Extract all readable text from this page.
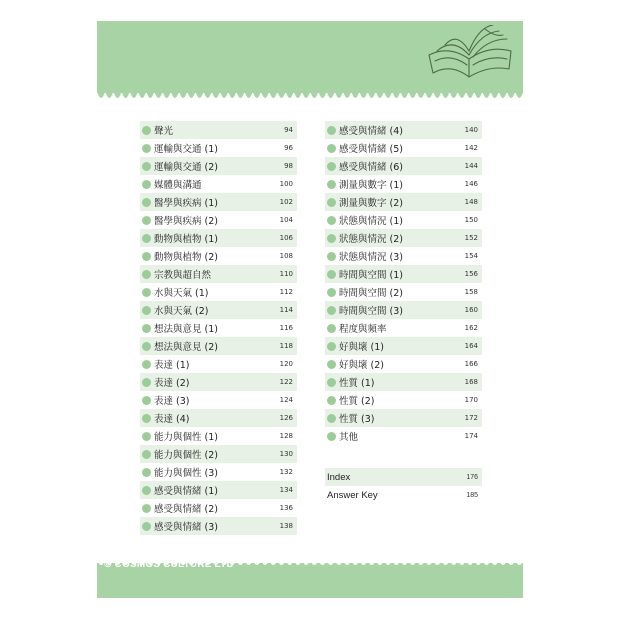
聲光	94
運輸與交通 (1)	96
運輸與交通 (2)	98
媒體與溝通	100
醫學與疾病 (1)	102
醫學與疾病 (2)	104
動物與植物 (1)	106
動物與植物 (2)	108
宗教與超自然	110
水與天氣 (1)	112
水與天氣 (2)	114
想法與意見 (1)	116
想法與意見 (2)	118
表達 (1)	120
表達 (2)	122
表達 (3)	124
表達 (4)	126
能力與個性 (1)	128
能力與個性 (2)	130
能力與個性 (3)	132
感受與情緒 (1)	134
感受與情緒 (2)	136
感受與情緒 (3)	138
感受與情緒 (4)	140
感受與情緒 (5)	142
感受與情緒 (6)	144
測量與數字 (1)	146
測量與數字 (2)	148
狀態與情況 (1)	150
狀態與情況 (2)	152
狀態與情況 (3)	154
時間與空間 (1)	156
時間與空間 (2)	158
時間與空間 (3)	160
程度與頻率	162
好與壞 (1)	164
好與壞 (2)	166
性質 (1)	168
性質 (2)	170
性質 (3)	172
其他	174
Index	176
Answer Key	185
© COSMOS CULTURE LTD
